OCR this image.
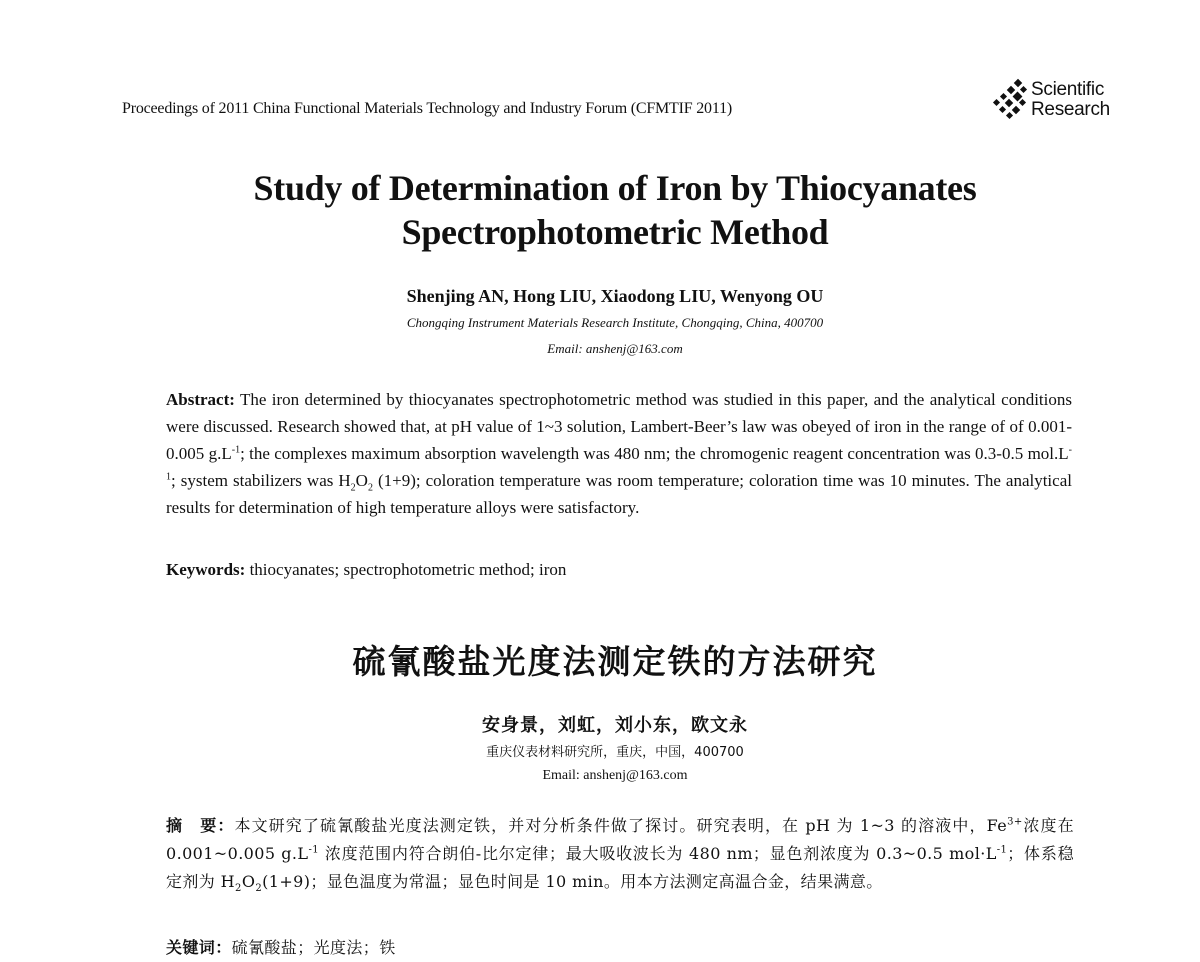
Proceedings of 2011 China Functional Materials Technology and Industry Forum (CFMTIF 2011)
Scientific
Research
Study of Determination of Iron by Thiocyanates
Spectrophotometric Method
Shenjing AN, Hong LIU, Xiaodong LIU, Wenyong OU
Chongqing Instrument Materials Research Institute, Chongqing, China, 400700
Email: anshenj@163.com
Abstract: The iron determined by thiocyanates spectrophotometric method was studied in this paper, and the analytical conditions were discussed. Research showed that, at pH value of 1~3 solution, Lambert-Beer’s law was obeyed of iron in the range of of 0.001-0.005 $g.L^{-1}$; the complexes maximum absorption wavelength was 480 nm; the chromogenic reagent concentration was 0.3-0.5 $mol.L^{-1}$; system stabilizers was $H_2O_2$ (1+9); coloration temperature was room temperature; coloration time was 10 minutes. The analytical results for determination of high temperature alloys were satisfactory.
Keywords: thiocyanates; spectrophotometric method; iron
硫氰酸盐光度法测定铁的方法研究
安身景，刘虹，刘小东，欧文永
重庆仪表材料研究所，重庆，中国，400700
Email: anshenj@163.com
摘　要：本文研究了硫氰酸盐光度法测定铁，并对分析条件做了探讨。研究表明，在 pH 为 1~3 的溶液中，$Fe^{3+}$浓度在 0.001~0.005 $g.L^{-1}$ 浓度范围内符合朗伯-比尔定律；最大吸收波长为 480 nm；显色剂浓度为 0.3~0.5 $mol\cdot L^{-1}$；体系稳定剂为 $H_2O_2(1+9)$；显色温度为常温；显色时间是 10 min。用本方法测定高温合金，结果满意。
关键词：硫氰酸盐；光度法；铁
